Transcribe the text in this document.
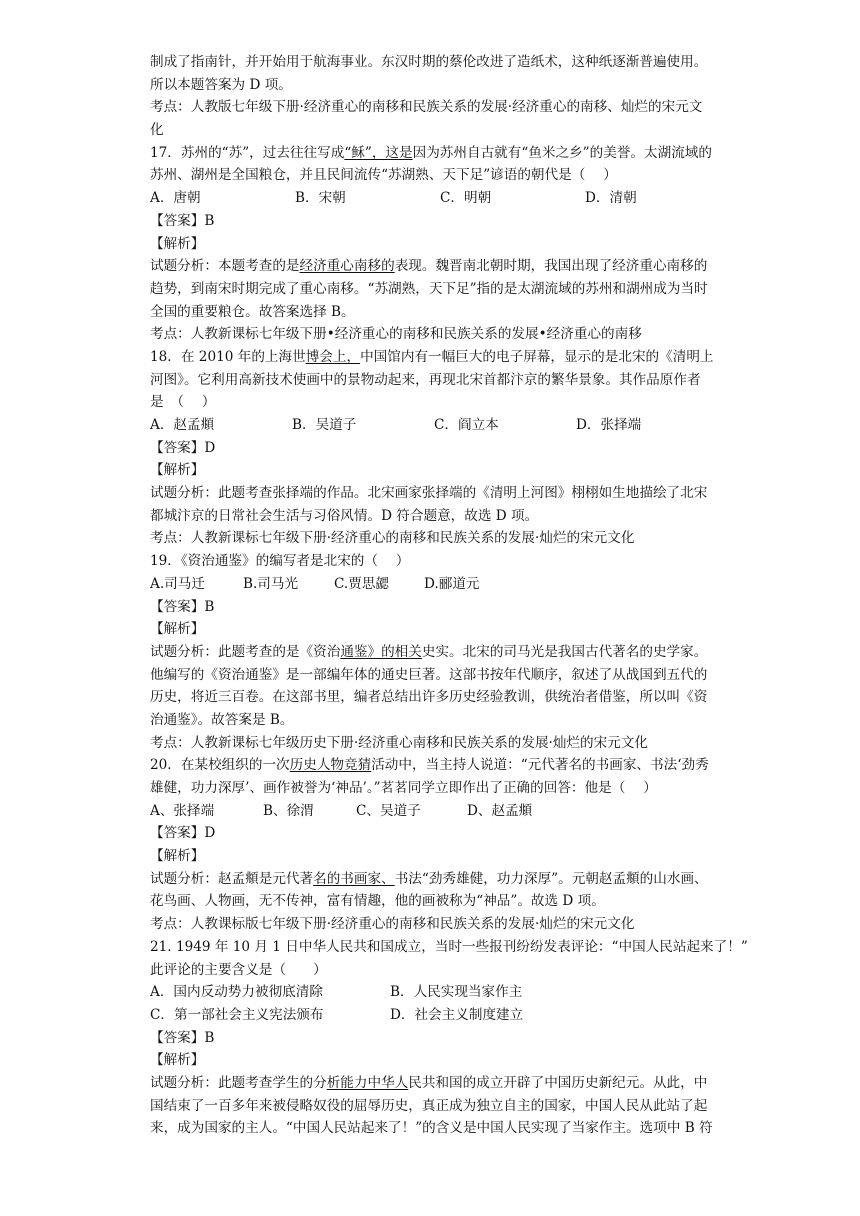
制成了指南针，并开始用于航海事业。东汉时期的蔡伦改进了造纸术，这种纸逐渐普遍使用。
所以本题答案为 D 项。
考点：人教版七年级下册·经济重心的南移和民族关系的发展·经济重心的南移、灿烂的宋元文
化
17．苏州的“苏”，过去往往写成“稣”，这是因为苏州自古就有“鱼米之乡”的美誉。太湖流域的
苏州、湖州是全国粮仓，并且民间流传“苏湖熟、天下足”谚语的朝代是（　 ）
A．唐朝	B．宋朝	C．明朝	D．清朝
【答案】B
【解析】
试题分析：本题考查的是经济重心南移的表现。魏晋南北朝时期，我国出现了经济重心南移的
趋势，到南宋时期完成了重心南移。“苏湖熟，天下足”指的是太湖流域的苏州和湖州成为当时
全国的重要粮仓。故答案选择 B。
考点：人教新课标七年级下册•经济重心的南移和民族关系的发展•经济重心的南移
18．在 2010 年的上海世博会上，中国馆内有一幅巨大的电子屏幕，显示的是北宋的《清明上
河图》。它利用高新技术使画中的景物动起来，再现北宋首都汴京的繁华景象。其作品原作者
是　（　 ）
A．赵孟頫	B．吴道子	C．阎立本	D．张择端
【答案】D
【解析】
试题分析：此题考查张择端的作品。北宋画家张择端的《清明上河图》栩栩如生地描绘了北宋
都城汴京的日常社会生活与习俗风情。D 符合题意，故选 D 项。
考点：人教新课标七年级下册·经济重心的南移和民族关系的发展·灿烂的宋元文化
19．《资治通鉴》的编写者是北宋的（　 ）
A.司马迁	B.司马光	C.贾思勰	D.郦道元
【答案】B
【解析】
试题分析：此题考查的是《资治通鉴》的相关史实。北宋的司马光是我国古代著名的史学家。
他编写的《资治通鉴》是一部编年体的通史巨著。这部书按年代顺序，叙述了从战国到五代的
历史，将近三百卷。在这部书里，编者总结出许多历史经验教训，供统治者借鉴，所以叫《资
治通鉴》。故答案是 B。
考点：人教新课标七年级历史下册·经济重心南移和民族关系的发展·灿烂的宋元文化
20．在某校组织的一次历史人物竞猜活动中，当主持人说道：“元代著名的书画家、书法‘劲秀
雄健，功力深厚’、画作被誉为‘神品’。”茗茗同学立即作出了正确的回答：他是（　 ）
A、张择端	B、徐渭	C、吴道子	D、赵孟頫
【答案】D
【解析】
试题分析：赵孟頫是元代著名的书画家、书法“劲秀雄健，功力深厚”。元朝赵孟頫的山水画、
花鸟画、人物画，无不传神，富有情趣，他的画被称为“神品”。故选 D 项。
考点：人教课标版七年级下册·经济重心的南移和民族关系的发展·灿烂的宋元文化
21. 1949 年 10 月 1 日中华人民共和国成立，当时一些报刊纷纷发表评论：“中国人民站起来了！”
此评论的主要含义是（　　）
A．国内反动势力被彻底清除	B．人民实现当家作主
C．第一部社会主义宪法颁布	D．社会主义制度建立
【答案】B
【解析】
试题分析：此题考查学生的分析能力中华人民共和国的成立开辟了中国历史新纪元。从此，中
国结束了一百多年来被侵略奴役的屈辱历史，真正成为独立自主的国家，中国人民从此站了起
来，成为国家的主人。“中国人民站起来了！”的含义是中国人民实现了当家作主。选项中 B 符
